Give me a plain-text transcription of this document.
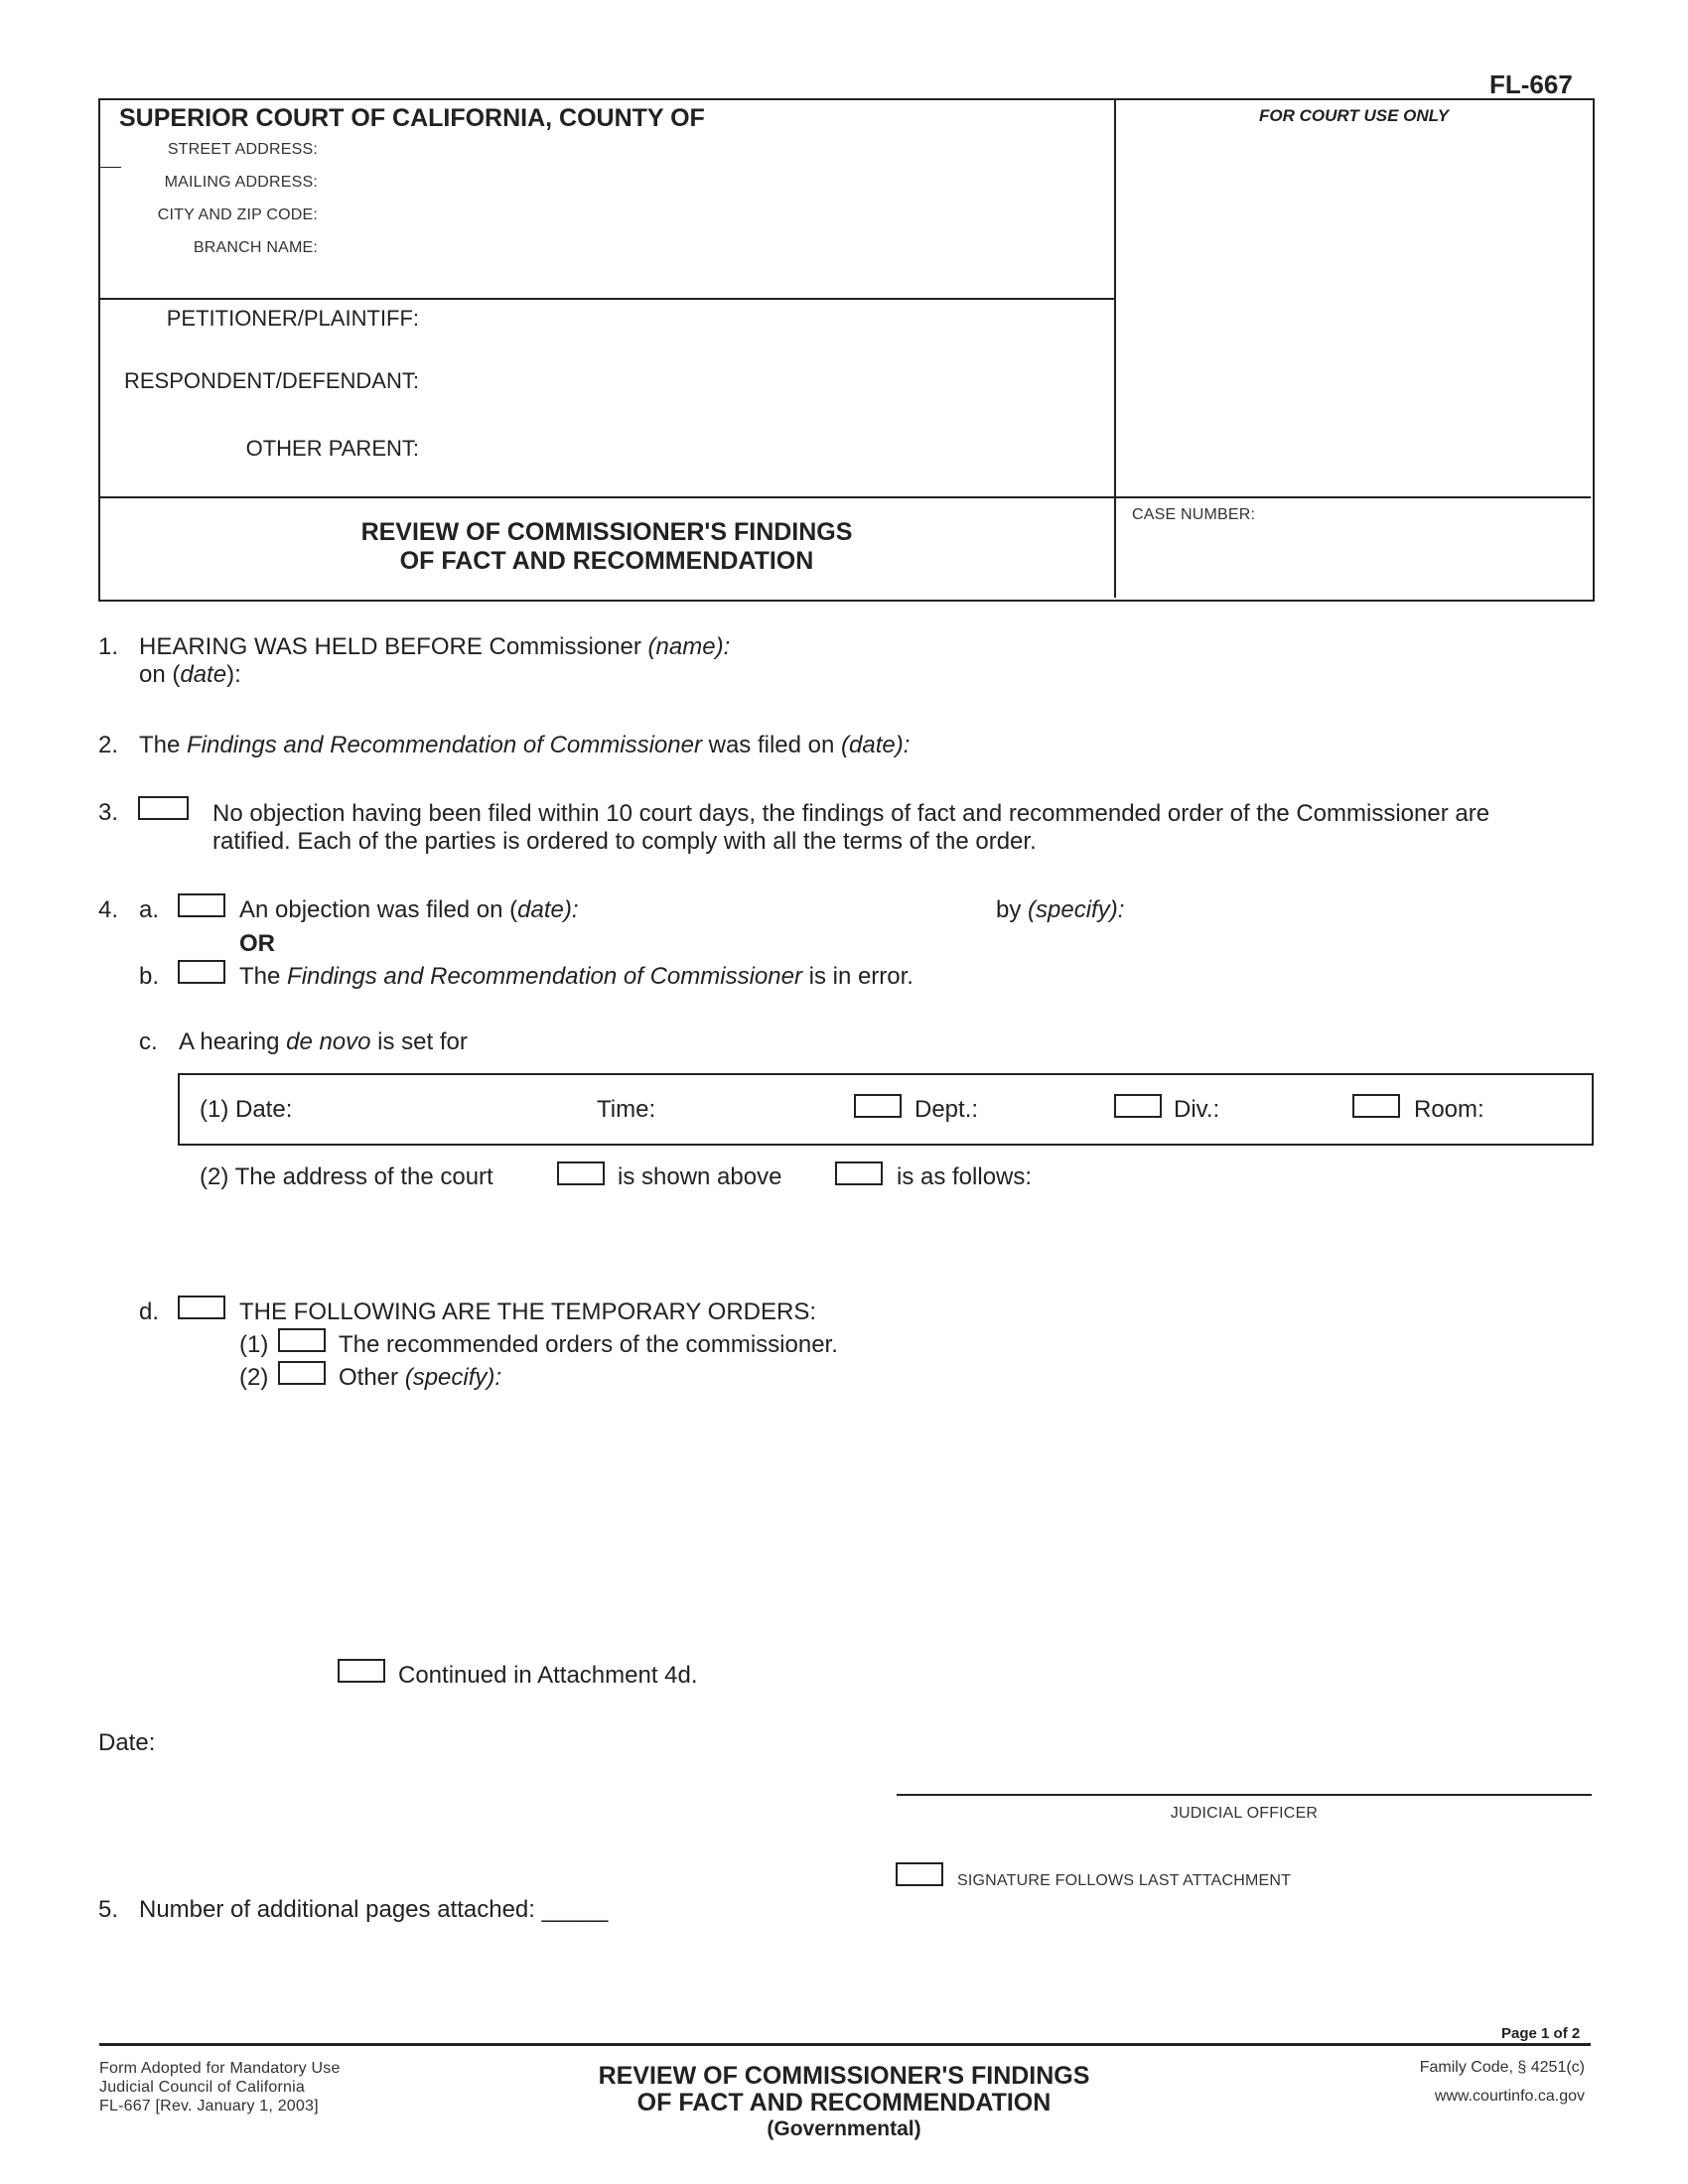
FL-667
SUPERIOR COURT OF CALIFORNIA, COUNTY OF	FOR COURT USE ONLY
STREET ADDRESS:
MAILING ADDRESS:
CITY AND ZIP CODE:
BRANCH NAME:
PETITIONER/PLAINTIFF:
RESPONDENT/DEFENDANT:
OTHER PARENT:
REVIEW OF COMMISSIONER'S FINDINGS
OF FACT AND RECOMMENDATION
CASE NUMBER:
1. HEARING WAS HELD BEFORE Commissioner (name):
on (date):
2. The Findings and Recommendation of Commissioner was filed on (date):
3.	No objection having been filed within 10 court days, the findings of fact and recommended order of the Commissioner are
ratified. Each of the parties is ordered to comply with all the terms of the order.
4. a.	An objection was filed on (date):	by (specify):
OR
b.	The Findings and Recommendation of Commissioner is in error.
c. A hearing de novo is set for
(1) Date:	Time:	Dept.:	Div.:	Room:
(2) The address of the court	is shown above	is as follows:
d.	THE FOLLOWING ARE THE TEMPORARY ORDERS:
(1)	The recommended orders of the commissioner.
(2)	Other (specify):
Continued in Attachment 4d.
Date:
JUDICIAL OFFICER
SIGNATURE FOLLOWS LAST ATTACHMENT
5. Number of additional pages attached: _____
Page 1 of 2
Form Adopted for Mandatory Use
Judicial Council of California
FL-667 [Rev. January 1, 2003]
REVIEW OF COMMISSIONER'S FINDINGS
OF FACT AND RECOMMENDATION
(Governmental)
Family Code, § 4251(c)
www.courtinfo.ca.gov
